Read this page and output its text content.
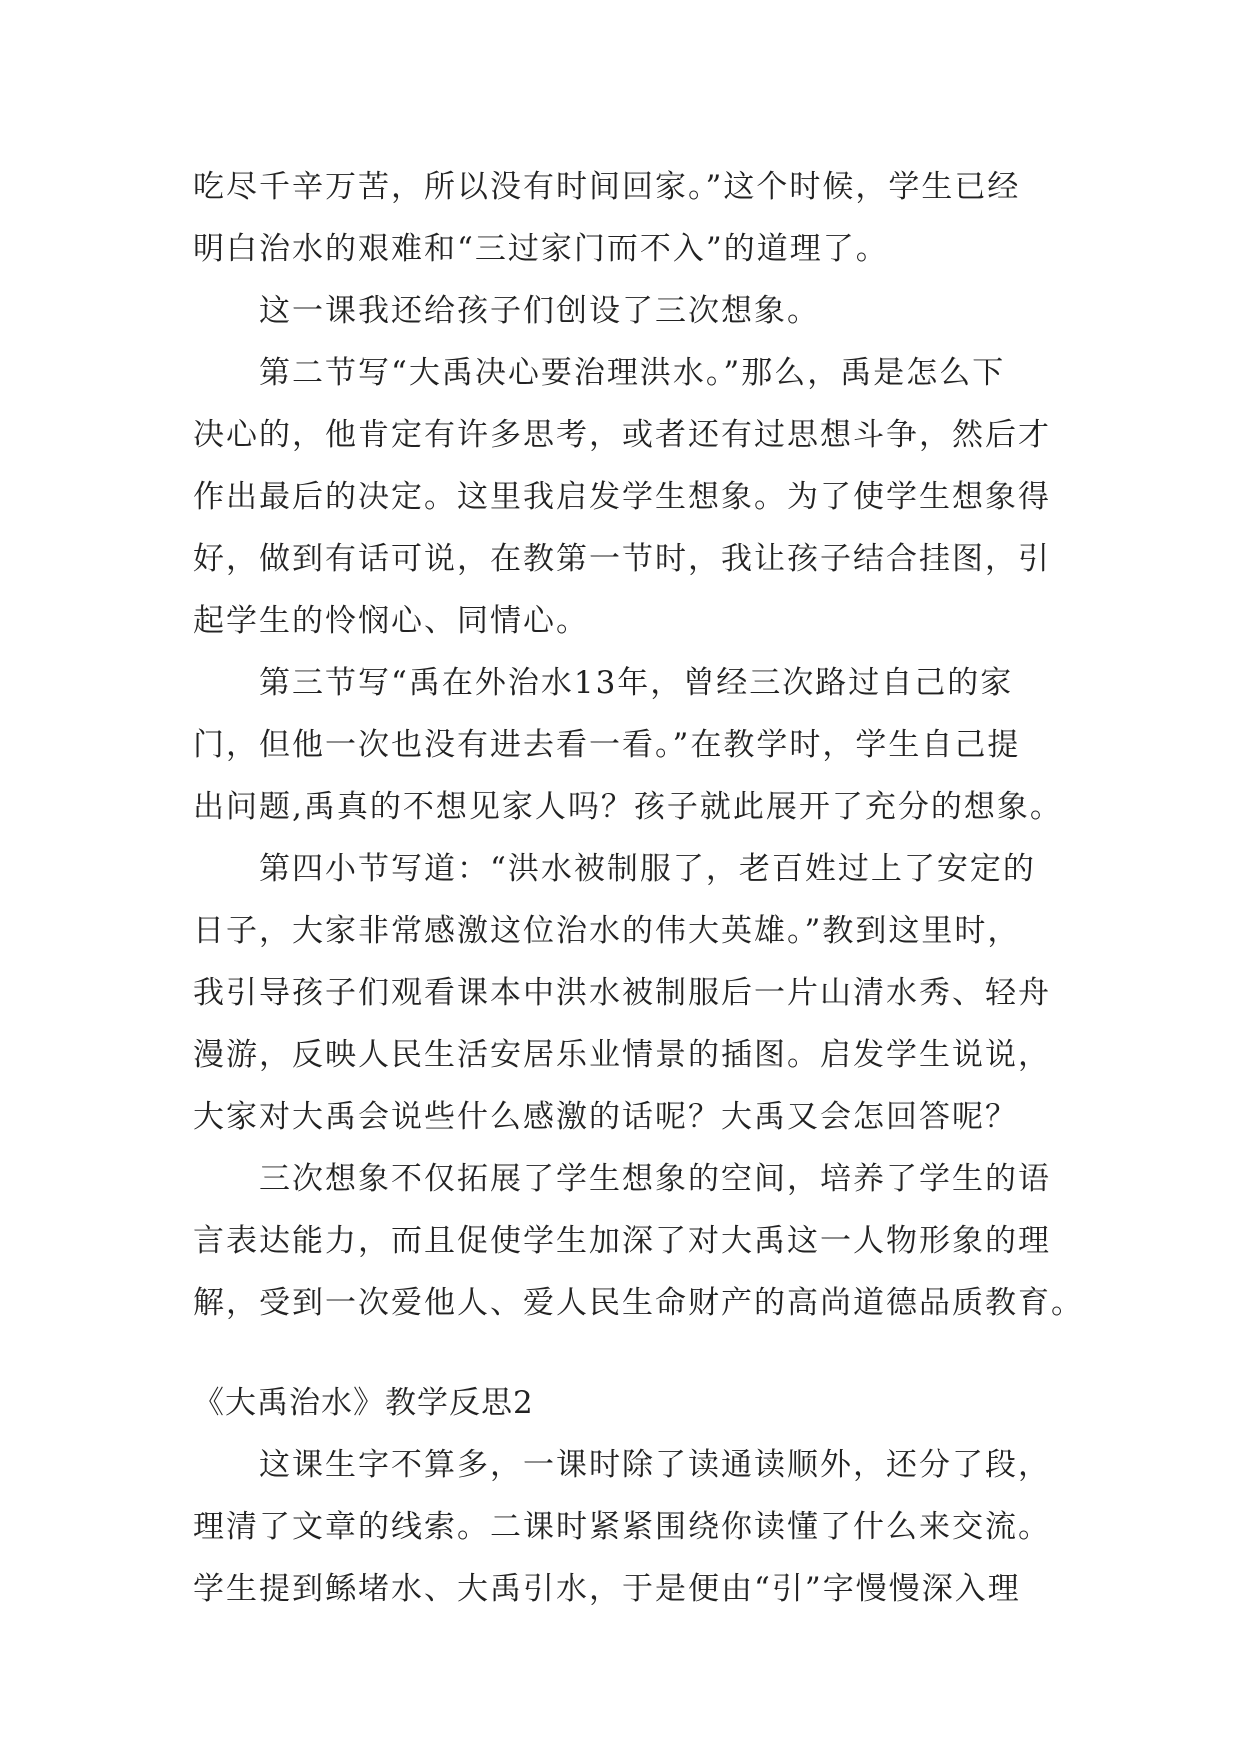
吃尽千辛万苦，所以没有时间回家。”这个时候，学生已经
明白治水的艰难和“三过家门而不入”的道理了。
这一课我还给孩子们创设了三次想象。
第二节写“大禹决心要治理洪水。”那么，禹是怎么下
决心的，他肯定有许多思考，或者还有过思想斗争，然后才
作出最后的决定。这里我启发学生想象。为了使学生想象得
好，做到有话可说，在教第一节时，我让孩子结合挂图，引
起学生的怜悯心、同情心。
第三节写“禹在外治水13年，曾经三次路过自己的家
门，但他一次也没有进去看一看。”在教学时，学生自己提
出问题,禹真的不想见家人吗？孩子就此展开了充分的想象。
第四小节写道：“洪水被制服了，老百姓过上了安定的
日子，大家非常感激这位治水的伟大英雄。”教到这里时，
我引导孩子们观看课本中洪水被制服后一片山清水秀、轻舟
漫游，反映人民生活安居乐业情景的插图。启发学生说说，
大家对大禹会说些什么感激的话呢？大禹又会怎回答呢？
三次想象不仅拓展了学生想象的空间，培养了学生的语
言表达能力，而且促使学生加深了对大禹这一人物形象的理
解，受到一次爱他人、爱人民生命财产的高尚道德品质教育。
《大禹治水》教学反思2
这课生字不算多，一课时除了读通读顺外，还分了段，
理清了文章的线索。二课时紧紧围绕你读懂了什么来交流。
学生提到鲧堵水、大禹引水，于是便由“引”字慢慢深入理
